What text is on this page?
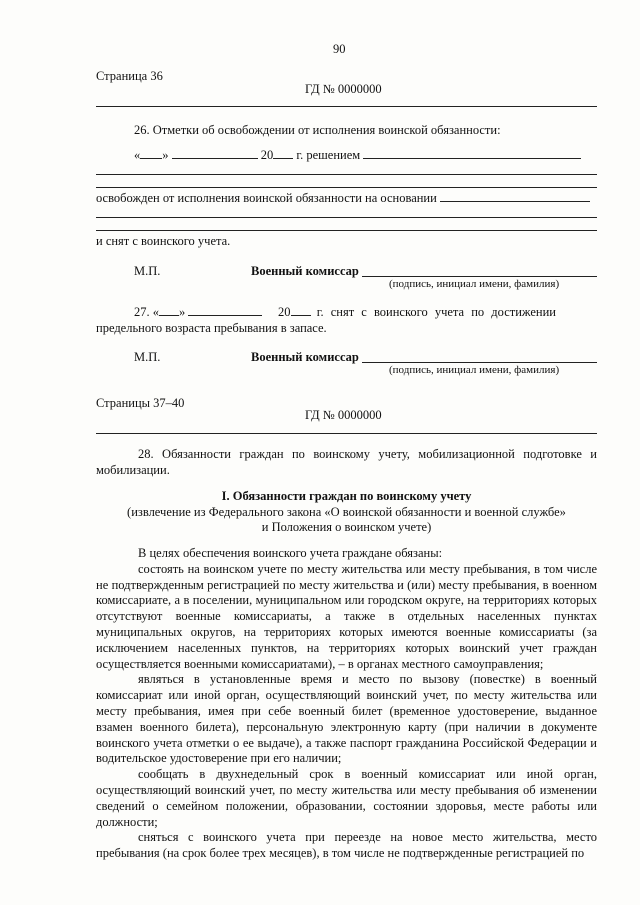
90
Страница 36
ГД № 0000000
26. Отметки об освобождении от исполнения воинской обязанности:
« »	20 г. решением
освобожден от исполнения воинской обязанности на основании
и снят с воинского учета.
М.П.	Военный комиссар
(подпись, инициал имени, фамилия)
27. « »	20 г. снят с воинского учета по достижении
предельного возраста пребывания в запасе.
М.П.	Военный комиссар
(подпись, инициал имени, фамилия)
Страницы 37–40
ГД № 0000000

28. Обязанности граждан по воинскому учету, мобилизационной подготовке и мобилизации.

I. Обязанности граждан по воинскому учету
(извлечение из Федерального закона «О воинской обязанности и военной службе»
и Положения о воинском учете)

В целях обеспечения воинского учета граждане обязаны:

состоять на воинском учете по месту жительства или месту пребывания, в том числе не подтвержденным регистрацией по месту жительства и (или) месту пребывания, в военном комиссариате, а в поселении, муниципальном или городском округе, на территориях которых отсутствуют военные комиссариаты, а также в отдельных населенных пунктах муниципальных округов, на территориях которых имеются военные комиссариаты (за исключением населенных пунктов, на территориях которых воинский учет граждан осуществляется военными комиссариатами), – в органах местного самоуправления;

являться в установленные время и место по вызову (повестке) в военный комиссариат или иной орган, осуществляющий воинский учет, по месту жительства или месту пребывания, имея при себе военный билет (временное удостоверение, выданное взамен военного билета), персональную электронную карту (при наличии в документе воинского учета отметки о ее выдаче), а также паспорт гражданина Российской Федерации и водительское удостоверение при его наличии;

сообщать в двухнедельный срок в военный комиссариат или иной орган, осуществляющий воинский учет, по месту жительства или месту пребывания об изменении сведений о семейном положении, образовании, состоянии здоровья, месте работы или должности;

сняться с воинского учета при переезде на новое место жительства, место пребывания (на срок более трех месяцев), в том числе не подтвержденные регистрацией по
